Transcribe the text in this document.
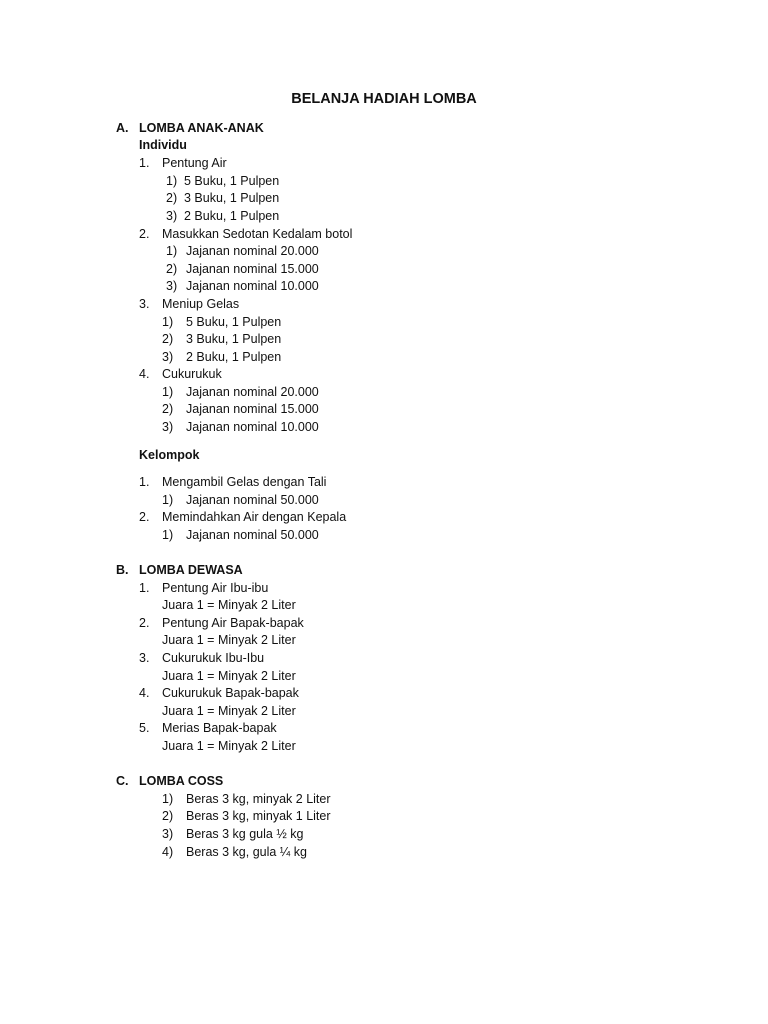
BELANJA HADIAH LOMBA
A. LOMBA ANAK-ANAK
Individu
1. Pentung Air
1) 5 Buku, 1 Pulpen
2) 3 Buku, 1 Pulpen
3) 2 Buku, 1 Pulpen
2. Masukkan Sedotan Kedalam botol
1) Jajanan nominal 20.000
2) Jajanan nominal 15.000
3) Jajanan nominal 10.000
3. Meniup Gelas
1) 5 Buku, 1 Pulpen
2) 3 Buku, 1 Pulpen
3) 2 Buku, 1 Pulpen
4. Cukurukuk
1) Jajanan nominal 20.000
2) Jajanan nominal 15.000
3) Jajanan nominal 10.000
Kelompok
1. Mengambil Gelas dengan Tali
1) Jajanan nominal 50.000
2. Memindahkan Air dengan Kepala
1) Jajanan nominal 50.000
B. LOMBA DEWASA
1. Pentung Air Ibu-ibu
Juara 1 = Minyak 2 Liter
2. Pentung Air Bapak-bapak
Juara 1 = Minyak 2 Liter
3. Cukurukuk Ibu-Ibu
Juara 1 = Minyak 2 Liter
4. Cukurukuk Bapak-bapak
Juara 1 = Minyak 2 Liter
5. Merias Bapak-bapak
Juara 1 = Minyak 2 Liter
C. LOMBA COSS
1) Beras 3 kg, minyak 2 Liter
2) Beras 3 kg, minyak 1 Liter
3) Beras 3 kg gula ½ kg
4) Beras 3 kg, gula ¼ kg
